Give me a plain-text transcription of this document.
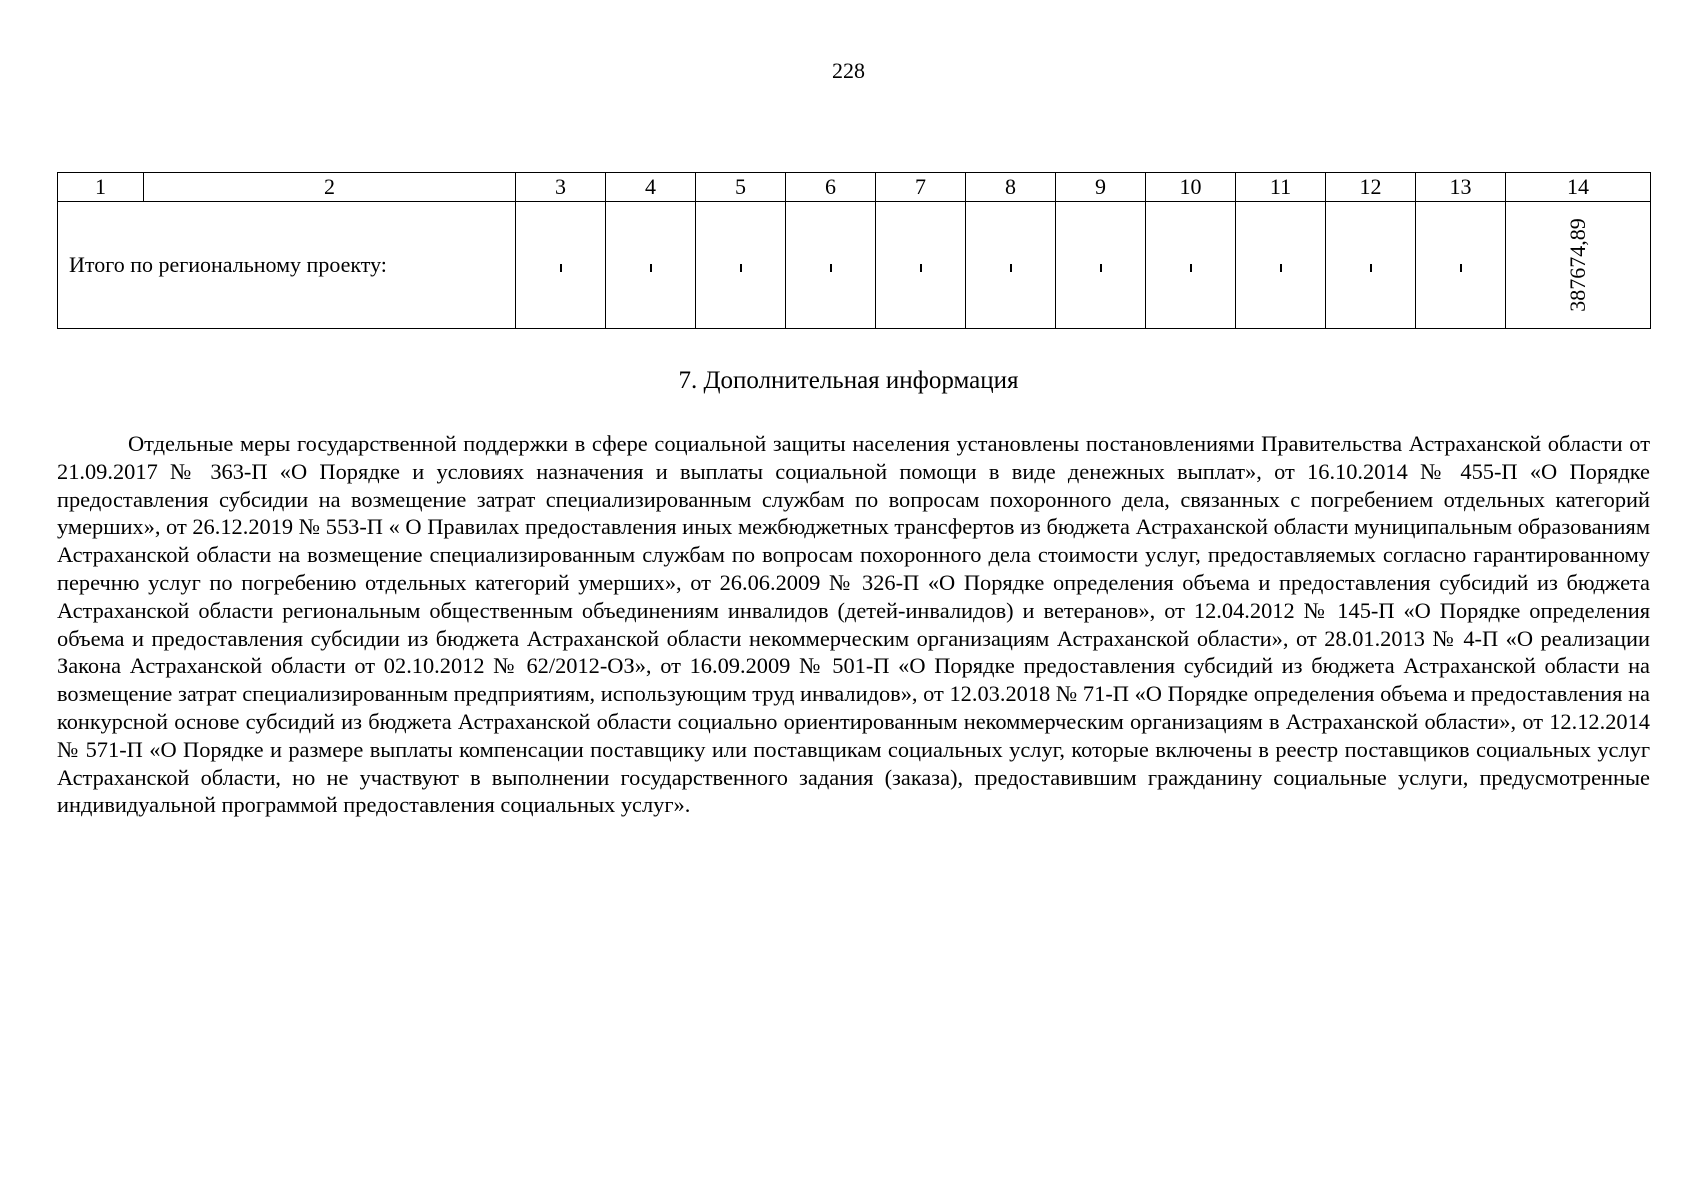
228
1	2	3	4	5	6	7	8	9	10	11	12	13	14
Итого по региональному проекту:													387674,89
7. Дополнительная информация
Отдельные меры государственной поддержки в сфере социальной защиты населения установлены постановлениями Правительства Астраханской области от 21.09.2017 № 363-П «О Порядке и условиях назначения и выплаты социальной помощи в виде денежных выплат», от 16.10.2014 № 455-П «О Порядке предоставления субсидии на возмещение затрат специализированным службам по вопросам похоронного дела, связанных с погребением отдельных категорий умерших», от 26.12.2019 № 553-П « О Правилах предоставления иных межбюджетных трансфертов из бюджета Астраханской области муниципальным образованиям Астраханской области на возмещение специализированным службам по вопросам похоронного дела стоимости услуг, предоставляемых согласно гарантированному перечню услуг по погребению отдельных категорий умерших», от 26.06.2009 № 326-П «О Порядке определения объема и предоставления субсидий из бюджета Астраханской области региональным общественным объединениям инвалидов (детей-инвалидов) и ветеранов», от 12.04.2012 № 145-П «О Порядке определения объема и предоставления субсидии из бюджета Астраханской области некоммерческим организациям Астраханской области», от 28.01.2013 № 4-П «О реализации Закона Астраханской области от 02.10.2012 № 62/2012-ОЗ», от 16.09.2009 № 501-П «О Порядке предоставления субсидий из бюджета Астраханской области на возмещение затрат специализированным предприятиям, использующим труд инвалидов», от 12.03.2018 № 71-П «О Порядке определения объема и предоставления на конкурсной основе субсидий из бюджета Астраханской области социально ориентированным некоммерческим организациям в Астраханской области», от 12.12.2014 № 571-П «О Порядке и размере выплаты компенсации поставщику или поставщикам социальных услуг, которые включены в реестр поставщиков социальных услуг Астраханской области, но не участвуют в выполнении государственного задания (заказа), предоставившим гражданину социальные услуги, предусмотренные индивидуальной программой предоставления социальных услуг».
